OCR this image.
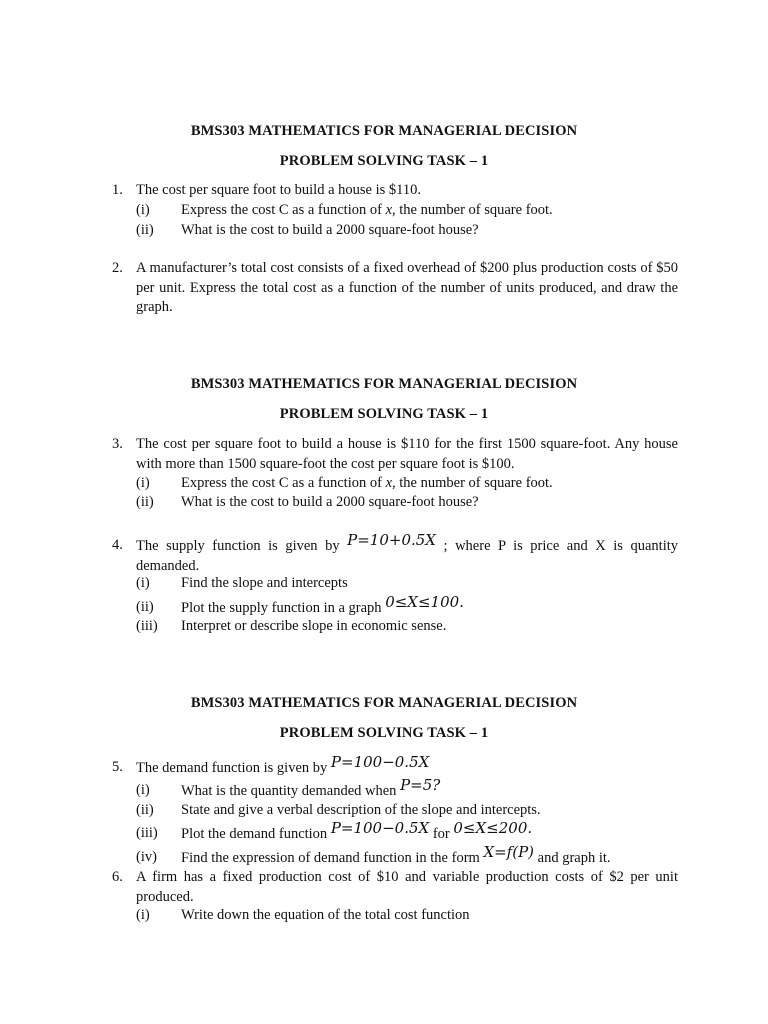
BMS303 MATHEMATICS FOR MANAGERIAL DECISION
PROBLEM SOLVING TASK – 1
1. The cost per square foot to build a house is $110.
(i) Express the cost C as a function of x, the number of square foot.
(ii) What is the cost to build a 2000 square-foot house?
2. A manufacturer’s total cost consists of a fixed overhead of $200 plus production costs of $50 per unit. Express the total cost as a function of the number of units produced, and draw the graph.
BMS303 MATHEMATICS FOR MANAGERIAL DECISION
PROBLEM SOLVING TASK – 1
3. The cost per square foot to build a house is $110 for the first 1500 square-foot. Any house with more than 1500 square-foot the cost per square foot is $100.
(i) Express the cost C as a function of x, the number of square foot.
(ii) What is the cost to build a 2000 square-foot house?
4. The supply function is given by P=10+0.5X ; where P is price and X is quantity demanded.
(i) Find the slope and intercepts
(ii) Plot the supply function in a graph 0≤X≤100.
(iii) Interpret or describe slope in economic sense.
BMS303 MATHEMATICS FOR MANAGERIAL DECISION
PROBLEM SOLVING TASK – 1
5. The demand function is given by P=100−0.5X
(i) What is the quantity demanded when P=5?
(ii) State and give a verbal description of the slope and intercepts.
(iii) Plot the demand function P=100−0.5X for 0≤X≤200.
(iv) Find the expression of demand function in the form X=f(P) and graph it.
6. A firm has a fixed production cost of $10 and variable production costs of $2 per unit produced.
(i) Write down the equation of the total cost function
